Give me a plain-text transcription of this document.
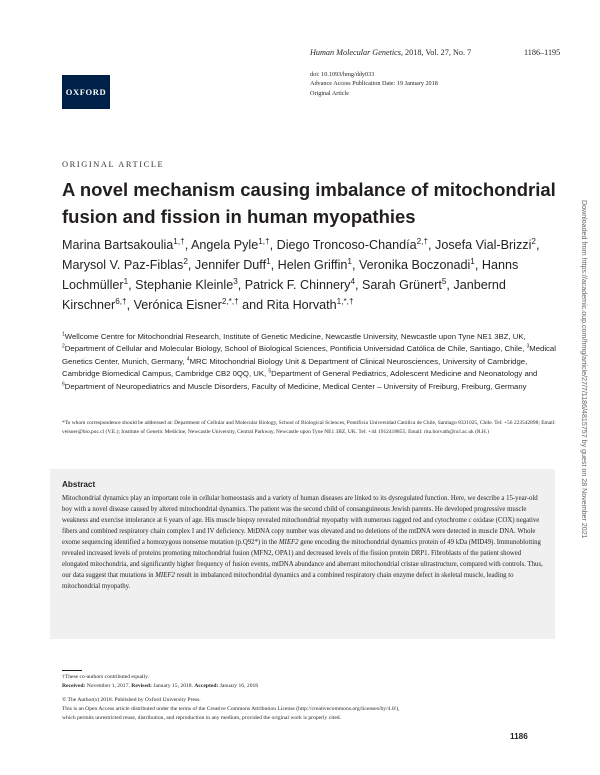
OXFORD
Human Molecular Genetics, 2018, Vol. 27, No. 7	1186–1195
doi: 10.1093/hmg/ddy033
Advance Access Publication Date: 19 January 2018
Original Article
ORIGINAL ARTICLE
A novel mechanism causing imbalance of mitochondrial fusion and fission in human myopathies
Marina Bartsakoulia$^{1,\dagger}$, Angela Pyle$^{1,\dagger}$, Diego Troncoso-Chandía$^{2,\dagger}$, Josefa Vial-Brizzi$^2$, Marysol V. Paz-Fiblas$^2$, Jennifer Duff$^1$, Helen Griffin$^1$, Veronika Boczonadi$^1$, Hanns Lochmüller$^1$, Stephanie Kleinle$^3$, Patrick F. Chinnery$^4$, Sarah Grünert$^5$, Janbernd Kirschner$^{6,\dagger}$, Verónica Eisner$^{2,*,\dagger}$ and Rita Horvath$^{1,*,\dagger}$
$^1$Wellcome Centre for Mitochondrial Research, Institute of Genetic Medicine, Newcastle University, Newcastle upon Tyne NE1 3BZ, UK, $^2$Department of Cellular and Molecular Biology, School of Biological Sciences, Pontificia Universidad Católica de Chile, Santiago, Chile, $^3$Medical Genetics Center, Munich, Germany, $^4$MRC Mitochondrial Biology Unit & Department of Clinical Neurosciences, University of Cambridge, Cambridge Biomedical Campus, Cambridge CB2 0QQ, UK, $^5$Department of General Pediatrics, Adolescent Medicine and Neonatology and $^6$Department of Neuropediatrics and Muscle Disorders, Faculty of Medicine, Medical Center – University of Freiburg, Freiburg, Germany
*To whom correspondence should be addressed at: Department of Cellular and Molecular Biology, School of Biological Sciences, Pontificia Universidad Católica de Chile, Santiago 8331025, Chile. Tel: +56 223542898; Email: veisner@bio.puc.cl (V.E.); Institute of Genetic Medicine, Newcastle University, Central Parkway, Newcastle upon Tyne NE1 3BZ, UK. Tel: +44 1912418855; Email: rita.horvath@ncl.ac.uk (R.H.)
Abstract
Mitochondrial dynamics play an important role in cellular homeostasis and a variety of human diseases are linked to its dysregulated function. Here, we describe a 15-year-old boy with a novel disease caused by altered mitochondrial dynamics. The patient was the second child of consanguineous Jewish parents. He developed progressive muscle weakness and exercise intolerance at 6 years of age. His muscle biopsy revealed mitochondrial myopathy with numerous ragged red and cytochrome c oxidase (COX) negative fibers and combined respiratory chain complex I and IV deficiency. MtDNA copy number was elevated and no deletions of the mtDNA were detected in muscle DNA. Whole exome sequencing identified a homozygous nonsense mutation (p.Q92*) in the MIEF2 gene encoding the mitochondrial dynamics protein of 49 kDa (MID49). Immunoblotting revealed increased levels of proteins promoting mitochondrial fusion (MFN2, OPA1) and decreased levels of the fission protein DRP1. Fibroblasts of the patient showed elongated mitochondria, and significantly higher frequency of fusion events, mtDNA abundance and aberrant mitochondrial cristae ultrastructure, compared with controls. Thus, our data suggest that mutations in MIEF2 result in imbalanced mitochondrial dynamics and a combined respiratory chain enzyme defect in skeletal muscle, leading to mitochondrial myopathy.
†These co-authors contributed equally.
Received: November 1, 2017. Revised: January 15, 2018. Accepted: January 16, 2018
© The Author(s) 2018. Published by Oxford University Press.
This is an Open Access article distributed under the terms of the Creative Commons Attribution License (http://creativecommons.org/licenses/by/4.0/),
which permits unrestricted reuse, distribution, and reproduction in any medium, provided the original work is properly cited.
1186
Downloaded from https://academic.oup.com/hmg/article/27/7/1186/4815757 by guest on 28 November 2021
